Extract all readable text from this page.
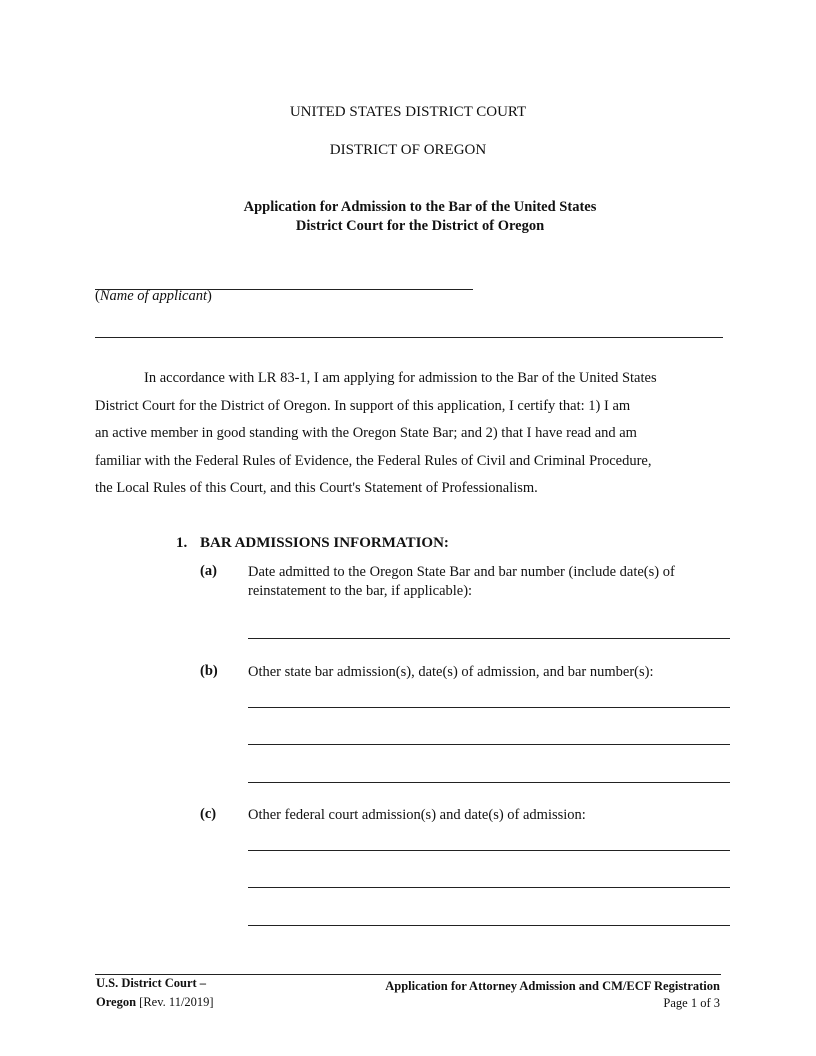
UNITED STATES DISTRICT COURT
DISTRICT OF OREGON
Application for Admission to the Bar of the United States
District Court for the District of Oregon
(Name of applicant)
In accordance with LR 83-1, I am applying for admission to the Bar of the United States
District Court for the District of Oregon. In support of this application, I certify that: 1) I am
an active member in good standing with the Oregon State Bar; and 2) that I have read and am
familiar with the Federal Rules of Evidence, the Federal Rules of Civil and Criminal Procedure,
the Local Rules of this Court, and this Court's Statement of Professionalism.
1. BAR ADMISSIONS INFORMATION:
(a) Date admitted to the Oregon State Bar and bar number (include date(s) of
reinstatement to the bar, if applicable):
(b) Other state bar admission(s), date(s) of admission, and bar number(s):
(c) Other federal court admission(s) and date(s) of admission:
U.S. District Court –
Oregon [Rev. 11/2019]
Application for Attorney Admission and CM/ECF Registration
Page 1 of 3
